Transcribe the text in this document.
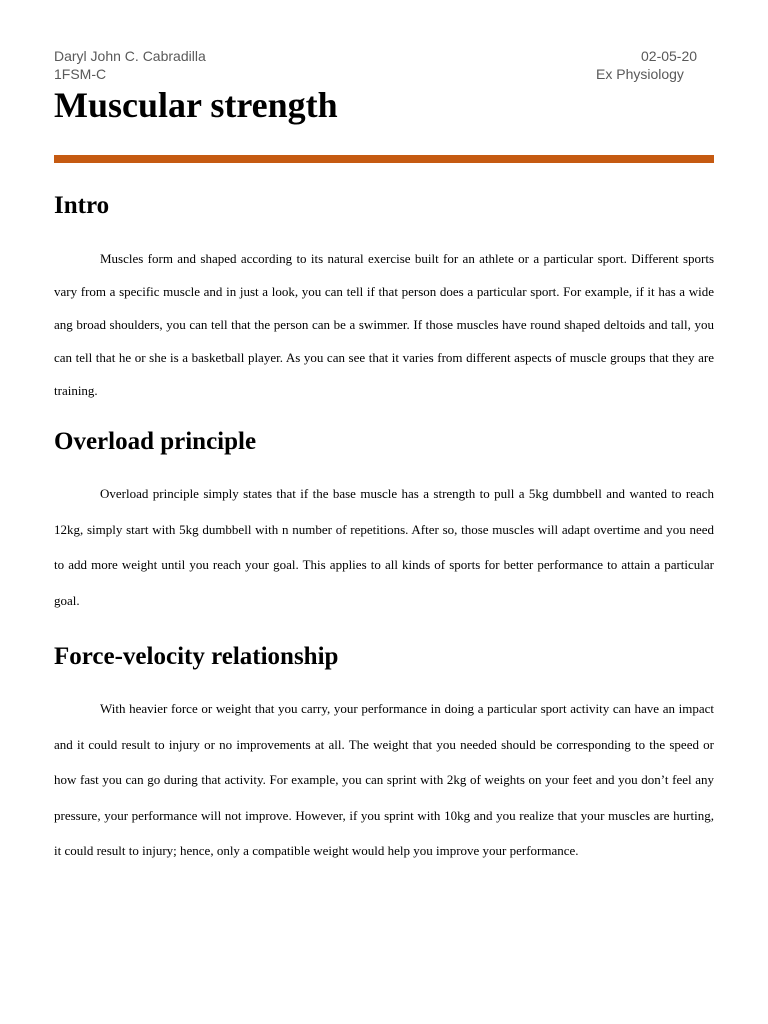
Daryl John C. Cabradilla	02-05-20
1FSM-C	Ex Physiology
Muscular strength
Intro

Muscles form and shaped according to its natural exercise built for an athlete or a particular sport. Different sports vary from a specific muscle and in just a look, you can tell if that person does a particular sport. For example, if it has a wide ang broad shoulders, you can tell that the person can be a swimmer. If those muscles have round shaped deltoids and tall, you can tell that he or she is a basketball player. As you can see that it varies from different aspects of muscle groups that they are training.

Overload principle

Overload principle simply states that if the base muscle has a strength to pull a 5kg dumbbell and wanted to reach 12kg, simply start with 5kg dumbbell with n number of repetitions. After so, those muscles will adapt overtime and you need to add more weight until you reach your goal. This applies to all kinds of sports for better performance to attain a particular goal.

Force-velocity relationship

With heavier force or weight that you carry, your performance in doing a particular sport activity can have an impact and it could result to injury or no improvements at all. The weight that you needed should be corresponding to the speed or how fast you can go during that activity. For example, you can sprint with 2kg of weights on your feet and you don’t feel any pressure, your performance will not improve. However, if you sprint with 10kg and you realize that your muscles are hurting, it could result to injury; hence, only a compatible weight would help you improve your performance.
